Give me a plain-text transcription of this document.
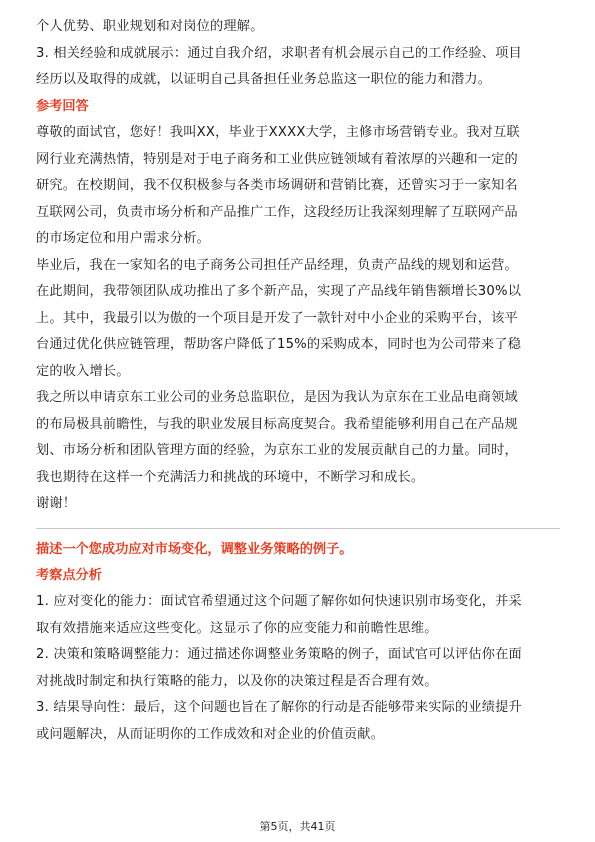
个人优势、职业规划和对岗位的理解。
3. 相关经验和成就展示：通过自我介绍，求职者有机会展示自己的工作经验、项目
经历以及取得的成就，以证明自己具备担任业务总监这一职位的能力和潜力。
参考回答
尊敬的面试官，您好！我叫XX，毕业于XXXX大学，主修市场营销专业。我对互联
网行业充满热情，特别是对于电子商务和工业供应链领域有着浓厚的兴趣和一定的
研究。在校期间，我不仅积极参与各类市场调研和营销比赛，还曾实习于一家知名
互联网公司，负责市场分析和产品推广工作，这段经历让我深刻理解了互联网产品
的市场定位和用户需求分析。
毕业后，我在一家知名的电子商务公司担任产品经理，负责产品线的规划和运营。
在此期间，我带领团队成功推出了多个新产品，实现了产品线年销售额增长30%以
上。其中，我最引以为傲的一个项目是开发了一款针对中小企业的采购平台，该平
台通过优化供应链管理，帮助客户降低了15%的采购成本，同时也为公司带来了稳
定的收入增长。
我之所以申请京东工业公司的业务总监职位，是因为我认为京东在工业品电商领域
的布局极具前瞻性，与我的职业发展目标高度契合。我希望能够利用自己在产品规
划、市场分析和团队管理方面的经验，为京东工业的发展贡献自己的力量。同时，
我也期待在这样一个充满活力和挑战的环境中，不断学习和成长。
谢谢！
描述一个您成功应对市场变化，调整业务策略的例子。
考察点分析
1. 应对变化的能力：面试官希望通过这个问题了解你如何快速识别市场变化，并采
取有效措施来适应这些变化。这显示了你的应变能力和前瞻性思维。
2. 决策和策略调整能力：通过描述你调整业务策略的例子，面试官可以评估你在面
对挑战时制定和执行策略的能力，以及你的决策过程是否合理有效。
3. 结果导向性：最后，这个问题也旨在了解你的行动是否能够带来实际的业绩提升
或问题解决，从而证明你的工作成效和对企业的价值贡献。
第5页，共41页
